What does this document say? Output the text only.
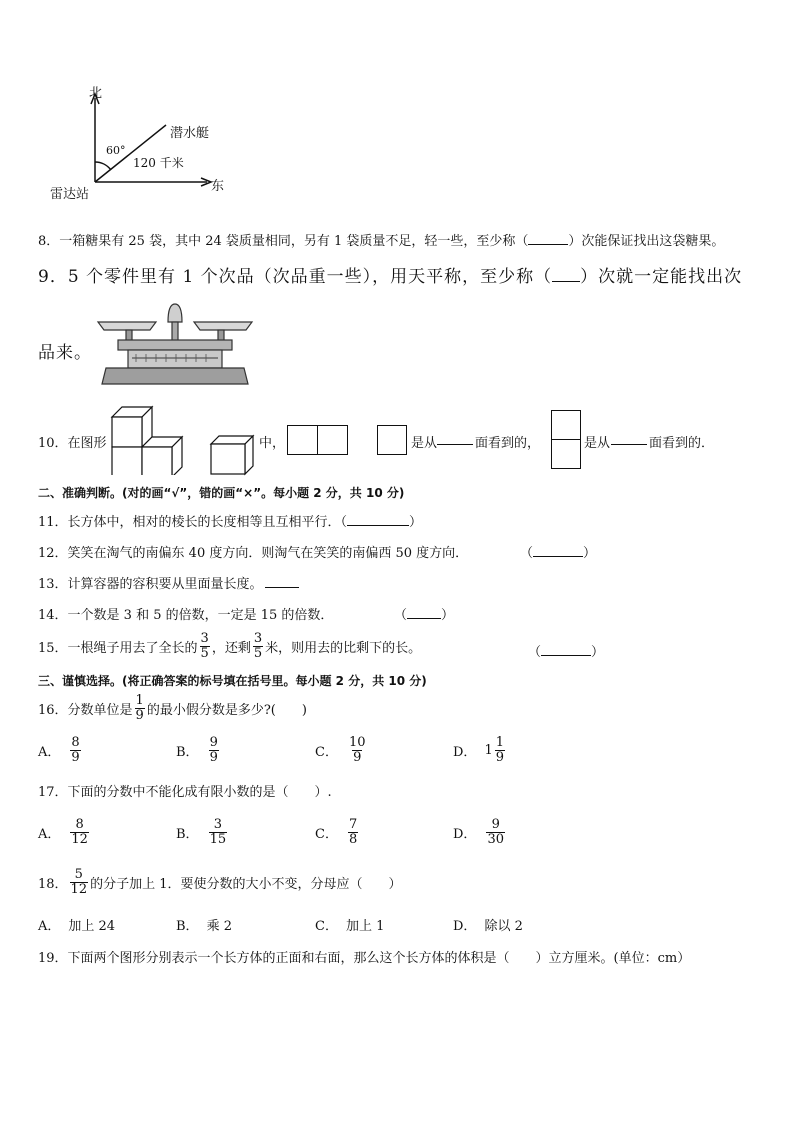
北
东
雷达站
潜水艇
60°
120 千米
8．一箱糖果有 25 袋，其中 24 袋质量相同，另有 1 袋质量不足，轻一些，至少称（	）次能保证找出这袋糖果。
9．5 个零件里有 1 个次品（次品重一些），用天平称，至少称（ ）次就一定能找出次
品来。
10．在图形	中，	是从	面看到的，	是从	面看到的．
二、准确判断。(对的画“√”，错的画“×”。每小题 2 分，共 10 分)
11．长方体中，相对的棱长的长度相等且互相平行．（	）
12．笑笑在淘气的南偏东 40 度方向．则淘气在笑笑的南偏西 50 度方向．	（	）
13．计算容器的容积要从里面量长度。
14．一个数是 3 和 5 的倍数，一定是 15 的倍数．	（	）
15．一根绳子用去了全长的 $\frac{3}{5}$ ，还剩 $\frac{3}{5}$ 米，则用去的比剩下的长。	（	）
三、谨慎选择。(将正确答案的标号填在括号里。每小题 2 分，共 10 分)
16．分数单位是 $\frac{1}{9}$ 的最小假分数是多少?(　　)
A． $\frac{8}{9}$	B． $\frac{9}{9}$	C． $\frac{10}{9}$	D． $1 \frac{1}{9}$
17．下面的分数中不能化成有限小数的是（　　）.
A． $\frac{8}{12}$	B． $\frac{3}{15}$	C． $\frac{7}{8}$	D． $\frac{9}{30}$
18． $\frac{5}{12}$ 的分子加上 1．要使分数的大小不变，分母应（　　）
A． 加上 24	B． 乘 2	C． 加上 1	D． 除以 2
19．下面两个图形分别表示一个长方体的正面和右面，那么这个长方体的体积是（　　）立方厘米。(单位：cm）
